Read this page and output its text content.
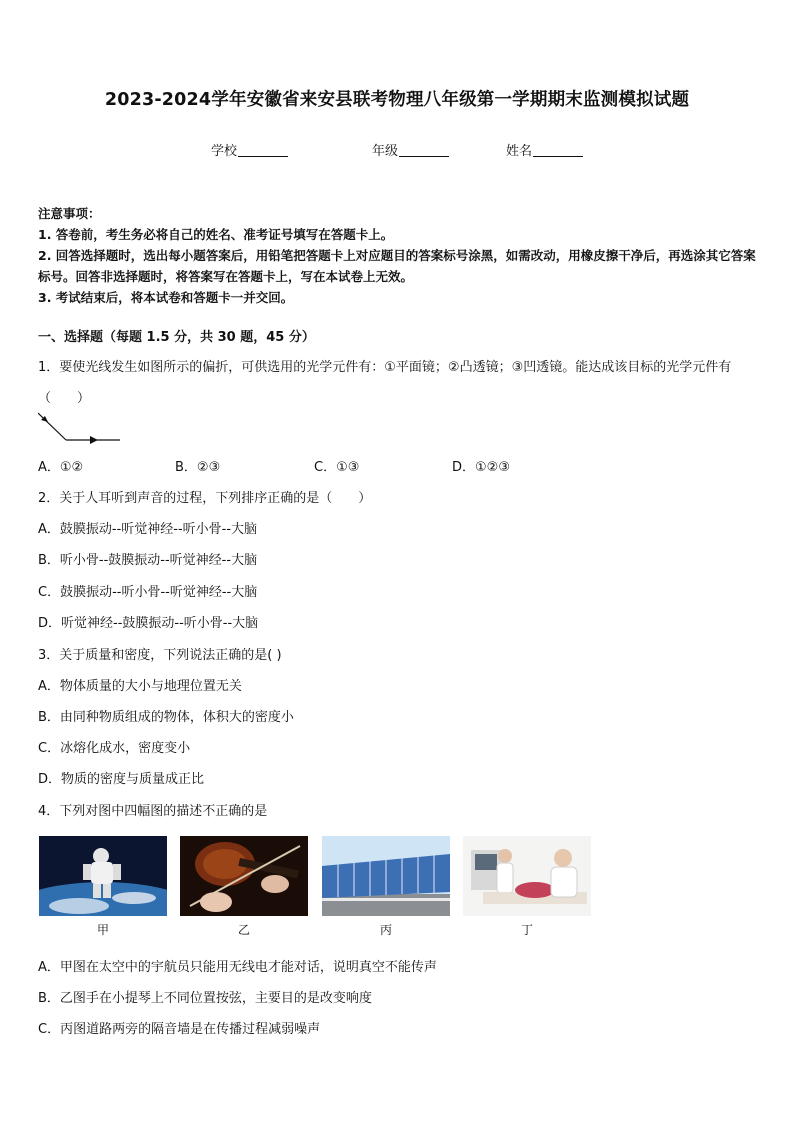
2023-2024学年安徽省来安县联考物理八年级第一学期期末监测模拟试题
学校	年级	姓名

注意事项：

1. 答卷前，考生务必将自己的姓名、准考证号填写在答题卡上。

2. 回答选择题时，选出每小题答案后，用铅笔把答题卡上对应题目的答案标号涂黑，如需改动，用橡皮擦干净后，再选涂其它答案标号。回答非选择题时，将答案写在答题卡上，写在本试卷上无效。

3. 考试结束后，将本试卷和答题卡一并交回。

一、选择题（每题 1.5 分，共 30 题，45 分）
1．要使光线发生如图所示的偏折，可供选用的光学元件有：①平面镜；②凸透镜；③凹透镜。能达成该目标的光学元件有（　　）
A．①②	B．②③	C．①③	D．①②③
2．关于人耳听到声音的过程，下列排序正确的是（　　）
A．鼓膜振动--听觉神经--听小骨--大脑
B．听小骨--鼓膜振动--听觉神经--大脑
C．鼓膜振动--听小骨--听觉神经--大脑
D．听觉神经--鼓膜振动--听小骨--大脑
3．关于质量和密度，下列说法正确的是( )
A．物体质量的大小与地理位置无关
B．由同种物质组成的物体，体积大的密度小
C．冰熔化成水，密度变小
D．物质的密度与质量成正比
4．下列对图中四幅图的描述不正确的是
甲	乙	丙	丁
A．甲图在太空中的宇航员只能用无线电才能对话，说明真空不能传声
B．乙图手在小提琴上不同位置按弦，主要目的是改变响度
C．丙图道路两旁的隔音墙是在传播过程减弱噪声
